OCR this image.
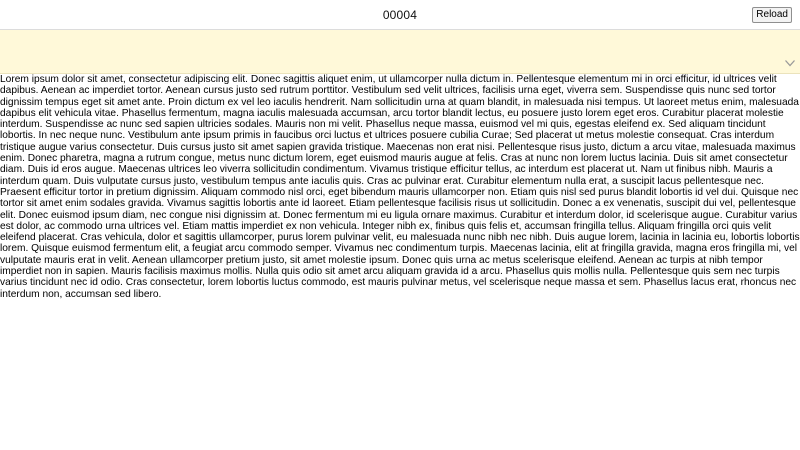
00004	Reload

Lorem ipsum dolor sit amet, consectetur adipiscing elit. Donec sagittis aliquet enim, ut ullamcorper nulla dictum in. Pellentesque elementum mi in orci efficitur, id ultrices velit dapibus. Aenean ac imperdiet tortor. Aenean cursus justo sed rutrum porttitor. Vestibulum sed velit ultrices, facilisis urna eget, viverra sem. Suspendisse quis nunc sed tortor dignissim tempus eget sit amet ante. Proin dictum ex vel leo iaculis hendrerit. Nam sollicitudin urna at quam blandit, in malesuada nisi tempus. Ut laoreet metus enim, malesuada dapibus elit vehicula vitae. Phasellus fermentum, magna iaculis malesuada accumsan, arcu tortor blandit lectus, eu posuere justo lorem eget eros. Curabitur placerat molestie interdum. Suspendisse ac nunc sed sapien ultricies sodales. Mauris non mi velit. Phasellus neque massa, euismod vel mi quis, egestas eleifend ex. Sed aliquam tincidunt lobortis. In nec neque nunc. Vestibulum ante ipsum primis in faucibus orci luctus et ultrices posuere cubilia Curae; Sed placerat ut metus molestie consequat. Cras interdum tristique augue varius consectetur. Duis cursus justo sit amet sapien gravida tristique. Maecenas non erat nisi. Pellentesque risus justo, dictum a arcu vitae, malesuada maximus enim. Donec pharetra, magna a rutrum congue, metus nunc dictum lorem, eget euismod mauris augue at felis. Cras at nunc non lorem luctus lacinia. Duis sit amet consectetur diam. Duis id eros augue. Maecenas ultrices leo viverra sollicitudin condimentum. Vivamus tristique efficitur tellus, ac interdum est placerat ut. Nam ut finibus nibh. Mauris a interdum quam. Duis vulputate cursus justo, vestibulum tempus ante iaculis quis. Cras ac pulvinar erat. Curabitur elementum nulla erat, a suscipit lacus pellentesque nec. Praesent efficitur tortor in pretium dignissim. Aliquam commodo nisl orci, eget bibendum mauris ullamcorper non. Etiam quis nisl sed purus blandit lobortis id vel dui. Quisque nec tortor sit amet enim sodales gravida. Vivamus sagittis lobortis ante id laoreet. Etiam pellentesque facilisis risus ut sollicitudin. Donec a ex venenatis, suscipit dui vel, pellentesque elit. Donec euismod ipsum diam, nec congue nisi dignissim at. Donec fermentum mi eu ligula ornare maximus. Curabitur et interdum dolor, id scelerisque augue. Curabitur varius est dolor, ac commodo urna ultrices vel. Etiam mattis imperdiet ex non vehicula. Integer nibh ex, finibus quis felis et, accumsan fringilla tellus. Aliquam fringilla orci quis velit eleifend placerat. Cras vehicula, dolor et sagittis ullamcorper, purus lorem pulvinar velit, eu malesuada nunc nibh nec nibh. Duis augue lorem, lacinia in lacinia eu, lobortis lobortis lorem. Quisque euismod fermentum elit, a feugiat arcu commodo semper. Vivamus nec condimentum turpis. Maecenas lacinia, elit at fringilla gravida, magna eros fringilla mi, vel vulputate mauris erat in velit. Aenean ullamcorper pretium justo, sit amet molestie ipsum. Donec quis urna ac metus scelerisque eleifend. Aenean ac turpis at nibh tempor imperdiet non in sapien. Mauris facilisis maximus mollis. Nulla quis odio sit amet arcu aliquam gravida id a arcu. Phasellus quis mollis nulla. Pellentesque quis sem nec turpis varius tincidunt nec id odio. Cras consectetur, lorem lobortis luctus commodo, est mauris pulvinar metus, vel scelerisque neque massa et sem. Phasellus lacus erat, rhoncus nec interdum non, accumsan sed libero.
